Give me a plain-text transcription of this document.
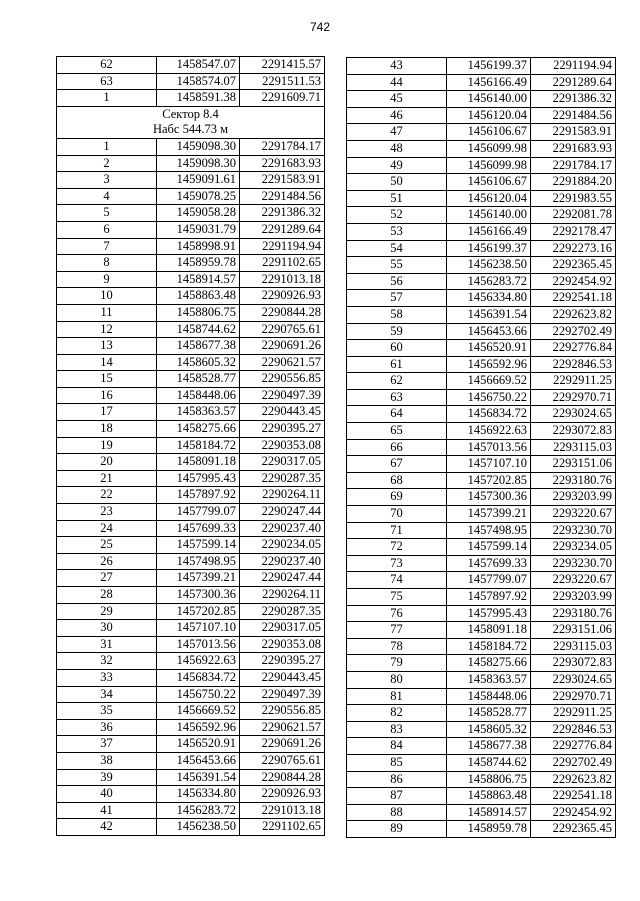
742
62	1458547.07	2291415.57
63	1458574.07	2291511.53
1	1458591.38	2291609.71

Сектор 8.4
Набс 544.73 м		

1	1459098.30	2291784.17
2	1459098.30	2291683.93
3	1459091.61	2291583.91
4	1459078.25	2291484.56
5	1459058.28	2291386.32
6	1459031.79	2291289.64
7	1458998.91	2291194.94
8	1458959.78	2291102.65
9	1458914.57	2291013.18
10	1458863.48	2290926.93
11	1458806.75	2290844.28
12	1458744.62	2290765.61
13	1458677.38	2290691.26
14	1458605.32	2290621.57
15	1458528.77	2290556.85
16	1458448.06	2290497.39
17	1458363.57	2290443.45
18	1458275.66	2290395.27
19	1458184.72	2290353.08
20	1458091.18	2290317.05
21	1457995.43	2290287.35
22	1457897.92	2290264.11
23	1457799.07	2290247.44
24	1457699.33	2290237.40
25	1457599.14	2290234.05
26	1457498.95	2290237.40
27	1457399.21	2290247.44
28	1457300.36	2290264.11
29	1457202.85	2290287.35
30	1457107.10	2290317.05
31	1457013.56	2290353.08
32	1456922.63	2290395.27
33	1456834.72	2290443.45
34	1456750.22	2290497.39
35	1456669.52	2290556.85
36	1456592.96	2290621.57
37	1456520.91	2290691.26
38	1456453.66	2290765.61
39	1456391.54	2290844.28
40	1456334.80	2290926.93
41	1456283.72	2291013.18
42	1456238.50	2291102.65
43	1456199.37	2291194.94
44	1456166.49	2291289.64
45	1456140.00	2291386.32
46	1456120.04	2291484.56
47	1456106.67	2291583.91
48	1456099.98	2291683.93
49	1456099.98	2291784.17
50	1456106.67	2291884.20
51	1456120.04	2291983.55
52	1456140.00	2292081.78
53	1456166.49	2292178.47
54	1456199.37	2292273.16
55	1456238.50	2292365.45
56	1456283.72	2292454.92
57	1456334.80	2292541.18
58	1456391.54	2292623.82
59	1456453.66	2292702.49
60	1456520.91	2292776.84
61	1456592.96	2292846.53
62	1456669.52	2292911.25
63	1456750.22	2292970.71
64	1456834.72	2293024.65
65	1456922.63	2293072.83
66	1457013.56	2293115.03
67	1457107.10	2293151.06
68	1457202.85	2293180.76
69	1457300.36	2293203.99
70	1457399.21	2293220.67
71	1457498.95	2293230.70
72	1457599.14	2293234.05
73	1457699.33	2293230.70
74	1457799.07	2293220.67
75	1457897.92	2293203.99
76	1457995.43	2293180.76
77	1458091.18	2293151.06
78	1458184.72	2293115.03
79	1458275.66	2293072.83
80	1458363.57	2293024.65
81	1458448.06	2292970.71
82	1458528.77	2292911.25
83	1458605.32	2292846.53
84	1458677.38	2292776.84
85	1458744.62	2292702.49
86	1458806.75	2292623.82
87	1458863.48	2292541.18
88	1458914.57	2292454.92
89	1458959.78	2292365.45
